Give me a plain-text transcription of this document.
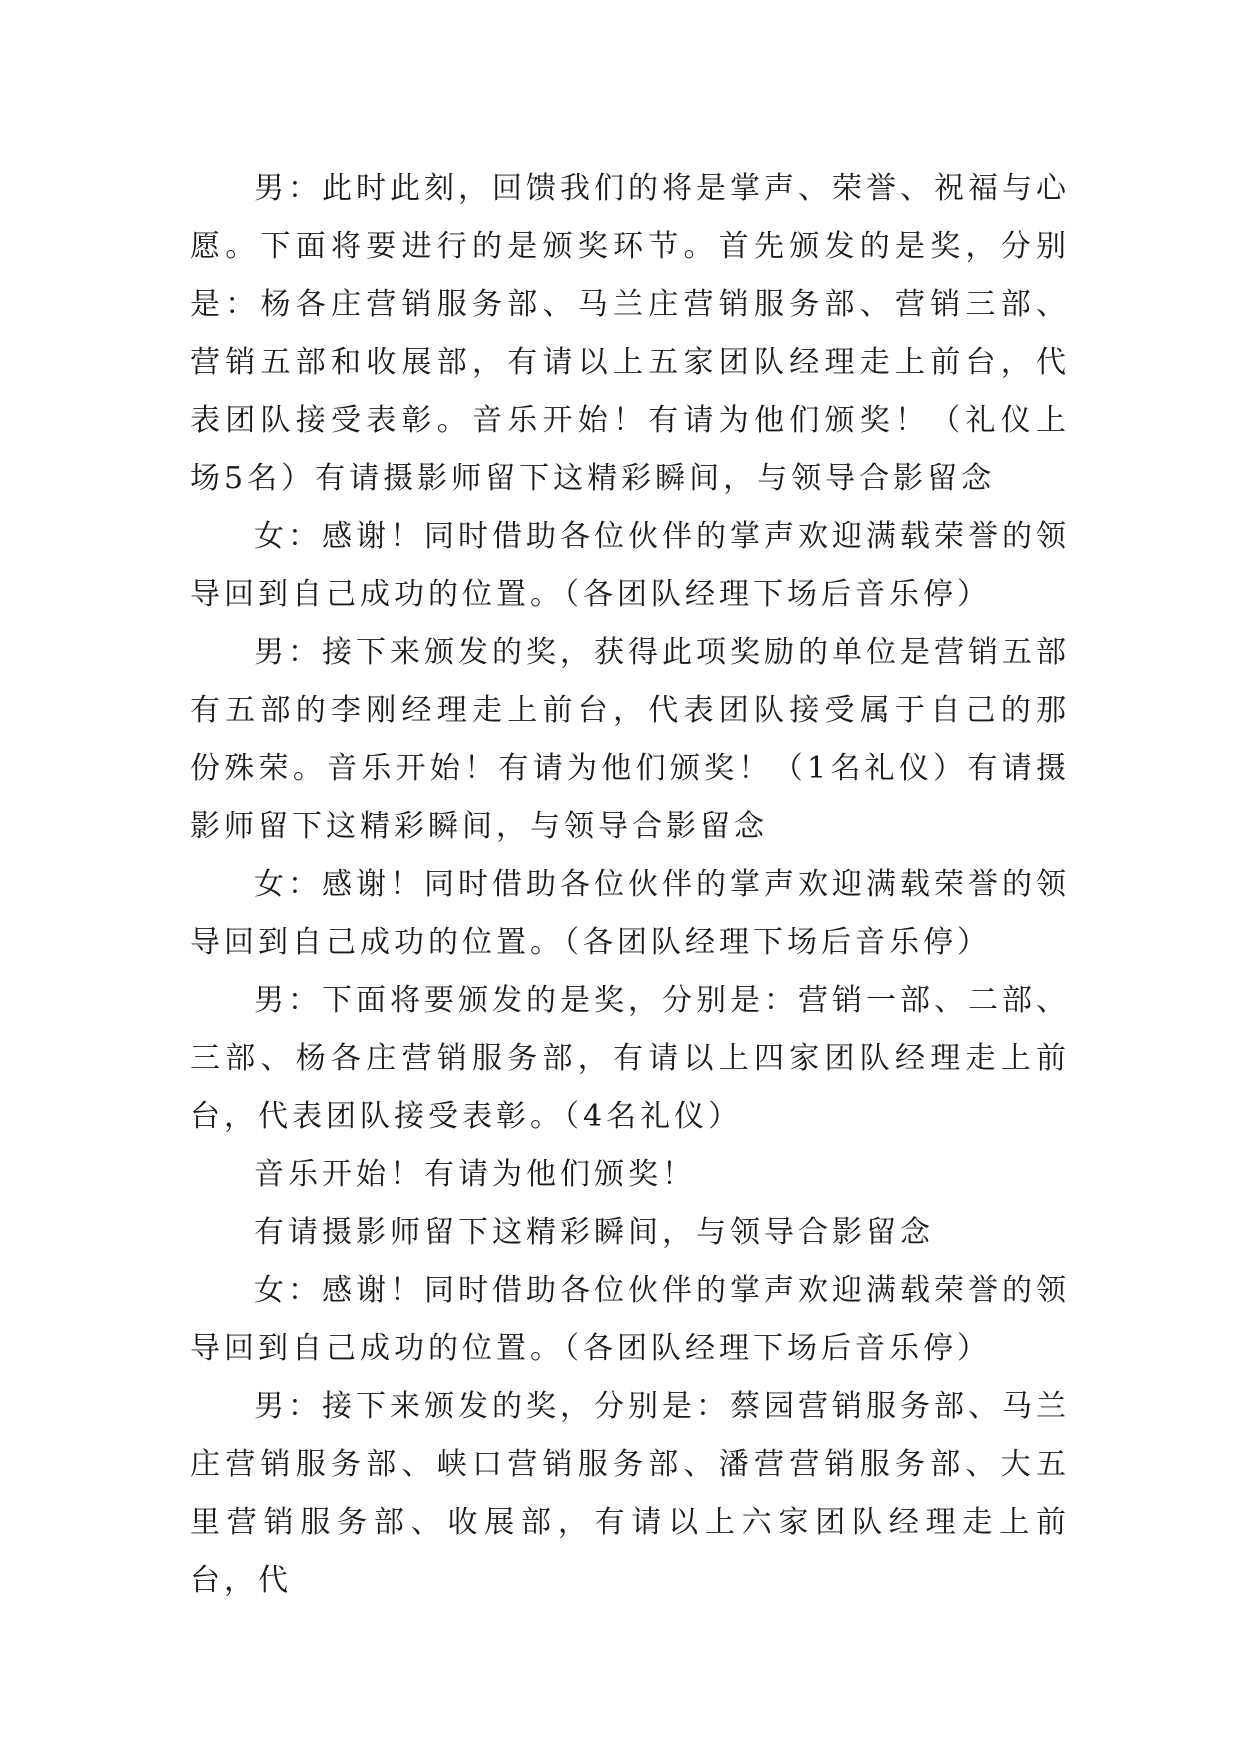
男：此时此刻，回馈我们的将是掌声、荣誉、祝福与心愿。下面将要进行的是颁奖环节。首先颁发的是奖，分别是：杨各庄营销服务部、马兰庄营销服务部、营销三部、营销五部和收展部，有请以上五家团队经理走上前台，代表团队接受表彰。音乐开始！有请为他们颁奖！（礼仪上场5名）有请摄影师留下这精彩瞬间，与领导合影留念

女：感谢！同时借助各位伙伴的掌声欢迎满载荣誉的领导回到自己成功的位置。（各团队经理下场后音乐停）

男：接下来颁发的奖，获得此项奖励的单位是营销五部有五部的李刚经理走上前台，代表团队接受属于自己的那份殊荣。音乐开始！有请为他们颁奖！（1名礼仪）有请摄影师留下这精彩瞬间，与领导合影留念

女：感谢！同时借助各位伙伴的掌声欢迎满载荣誉的领导回到自己成功的位置。（各团队经理下场后音乐停）

男：下面将要颁发的是奖，分别是：营销一部、二部、三部、杨各庄营销服务部，有请以上四家团队经理走上前台，代表团队接受表彰。（4名礼仪）

音乐开始！有请为他们颁奖！

有请摄影师留下这精彩瞬间，与领导合影留念

女：感谢！同时借助各位伙伴的掌声欢迎满载荣誉的领导回到自己成功的位置。（各团队经理下场后音乐停）

男：接下来颁发的奖，分别是：蔡园营销服务部、马兰庄营销服务部、峡口营销服务部、潘营营销服务部、大五里营销服务部、收展部，有请以上六家团队经理走上前台，代
